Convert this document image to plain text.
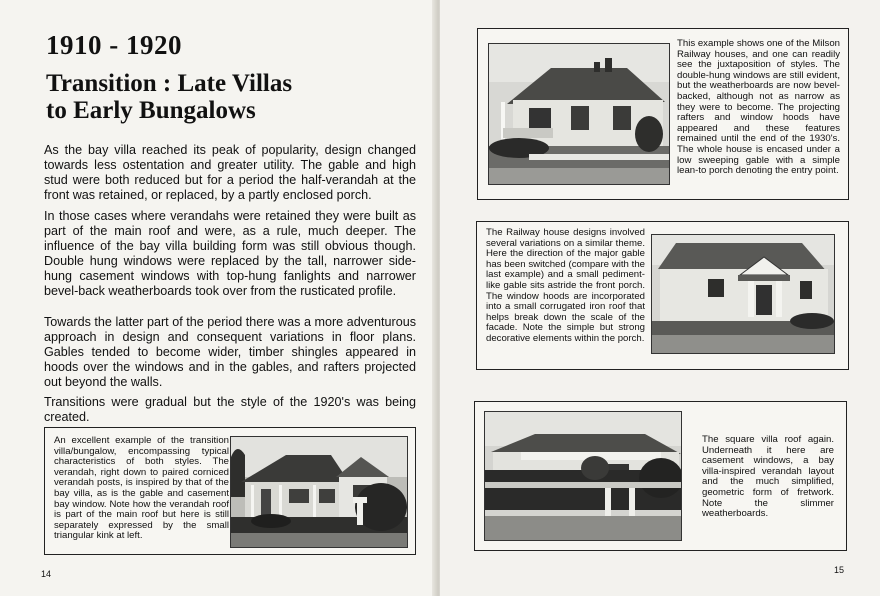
1910 - 1920
Transition : Late Villas
to Early Bungalows
As the bay villa reached its peak of popularity, design changed towards less ostentation and greater utility. The gable and high stud were both reduced but for a period the half-verandah at the front was retained, or replaced, by a partly enclosed porch.
In those cases where verandahs were retained they were built as part of the main roof and were, as a rule, much deeper. The influence of the bay villa building form was still obvious though. Double hung windows were replaced by the tall, narrower side-hung casement windows with top-hung fanlights and narrower bevel-back weatherboards took over from the rusticated profile.
Towards the latter part of the period there was a more adventurous approach in design and consequent variations in floor plans. Gables tended to become wider, timber shingles appeared in hoods over the windows and in the gables, and rafters projected out beyond the walls.
Transitions were gradual but the style of the 1920's was being created.
An excellent example of the transition villa/bungalow, encompassing typical characteristics of both styles. The verandah, right down to paired corniced verandah posts, is inspired by that of the bay villa, as is the gable and casement bay window. Note how the verandah roof is part of the main roof but here is still separately expressed by the small triangular kink at left.
14
This example shows one of the Milson Railway houses, and one can readily see the juxtaposition of styles. The double-hung windows are still evident, but the weatherboards are now bevel-backed, although not as narrow as they were to become. The projecting rafters and window hoods have appeared and these features remained until the end of the 1930's. The whole house is encased under a low sweeping gable with a simple lean-to porch denoting the entry point.
The Railway house designs involved several variations on a similar theme. Here the direction of the major gable has been switched (compare with the last example) and a small pediment-like gable sits astride the front porch. The window hoods are incorporated into a small corrugated iron roof that helps break down the scale of the facade. Note the simple but strong decorative elements within the porch.
The square villa roof again. Underneath it here are casement windows, a bay villa-inspired verandah layout and the much simplified, geometric form of fretwork. Note the slimmer weatherboards.
15
